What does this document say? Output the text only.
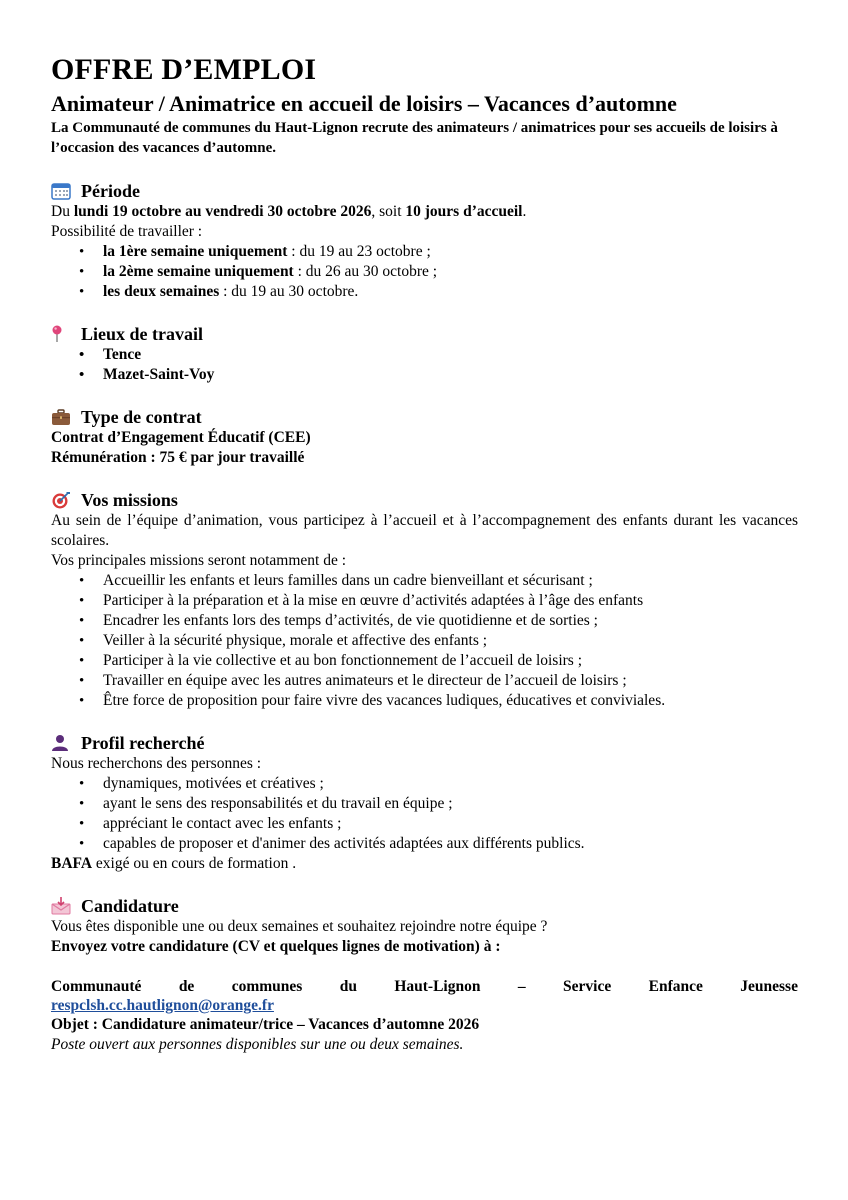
OFFRE D’EMPLOI
Animateur / Animatrice en accueil de loisirs – Vacances d’automne

La Communauté de communes du Haut-Lignon recrute des animateurs / animatrices pour ses accueils de loisirs à l’occasion des vacances d’automne.

Période

Du lundi 19 octobre au vendredi 30 octobre 2026, soit 10 jours d’accueil.

Possibilité de travailler :

• la 1ère semaine uniquement : du 19 au 23 octobre ;
• la 2ème semaine uniquement : du 26 au 30 octobre ;
• les deux semaines : du 19 au 30 octobre.
Lieux de travail
• Tence
• Mazet-Saint-Voy
Type de contrat

Contrat d’Engagement Éducatif (CEE)

Rémunération : 75 € par jour travaillé

Vos missions

Au sein de l’équipe d’animation, vous participez à l’accueil et à l’accompagnement des enfants durant les vacances scolaires.

Vos principales missions seront notamment de :

• Accueillir les enfants et leurs familles dans un cadre bienveillant et sécurisant ;
• Participer à la préparation et à la mise en œuvre d’activités adaptées à l’âge des enfants
• Encadrer les enfants lors des temps d’activités, de vie quotidienne et de sorties ;
• Veiller à la sécurité physique, morale et affective des enfants ;
• Participer à la vie collective et au bon fonctionnement de l’accueil de loisirs ;
• Travailler en équipe avec les autres animateurs et le directeur de l’accueil de loisirs ;
• Être force de proposition pour faire vivre des vacances ludiques, éducatives et conviviales.
Profil recherché

Nous recherchons des personnes :

• dynamiques, motivées et créatives ;
• ayant le sens des responsabilités et du travail en équipe ;
• appréciant le contact avec les enfants ;
• capables de proposer et d'animer des activités adaptées aux différents publics.

BAFA exigé ou en cours de formation .

Candidature

Vous êtes disponible une ou deux semaines et souhaitez rejoindre notre équipe ?

Envoyez votre candidature (CV et quelques lignes de motivation) à :

Communauté de communes du Haut-Lignon – Service Enfance Jeunesse
respclsh.cc.hautlignon@orange.fr

Objet : Candidature animateur/trice – Vacances d’automne 2026

Poste ouvert aux personnes disponibles sur une ou deux semaines.
